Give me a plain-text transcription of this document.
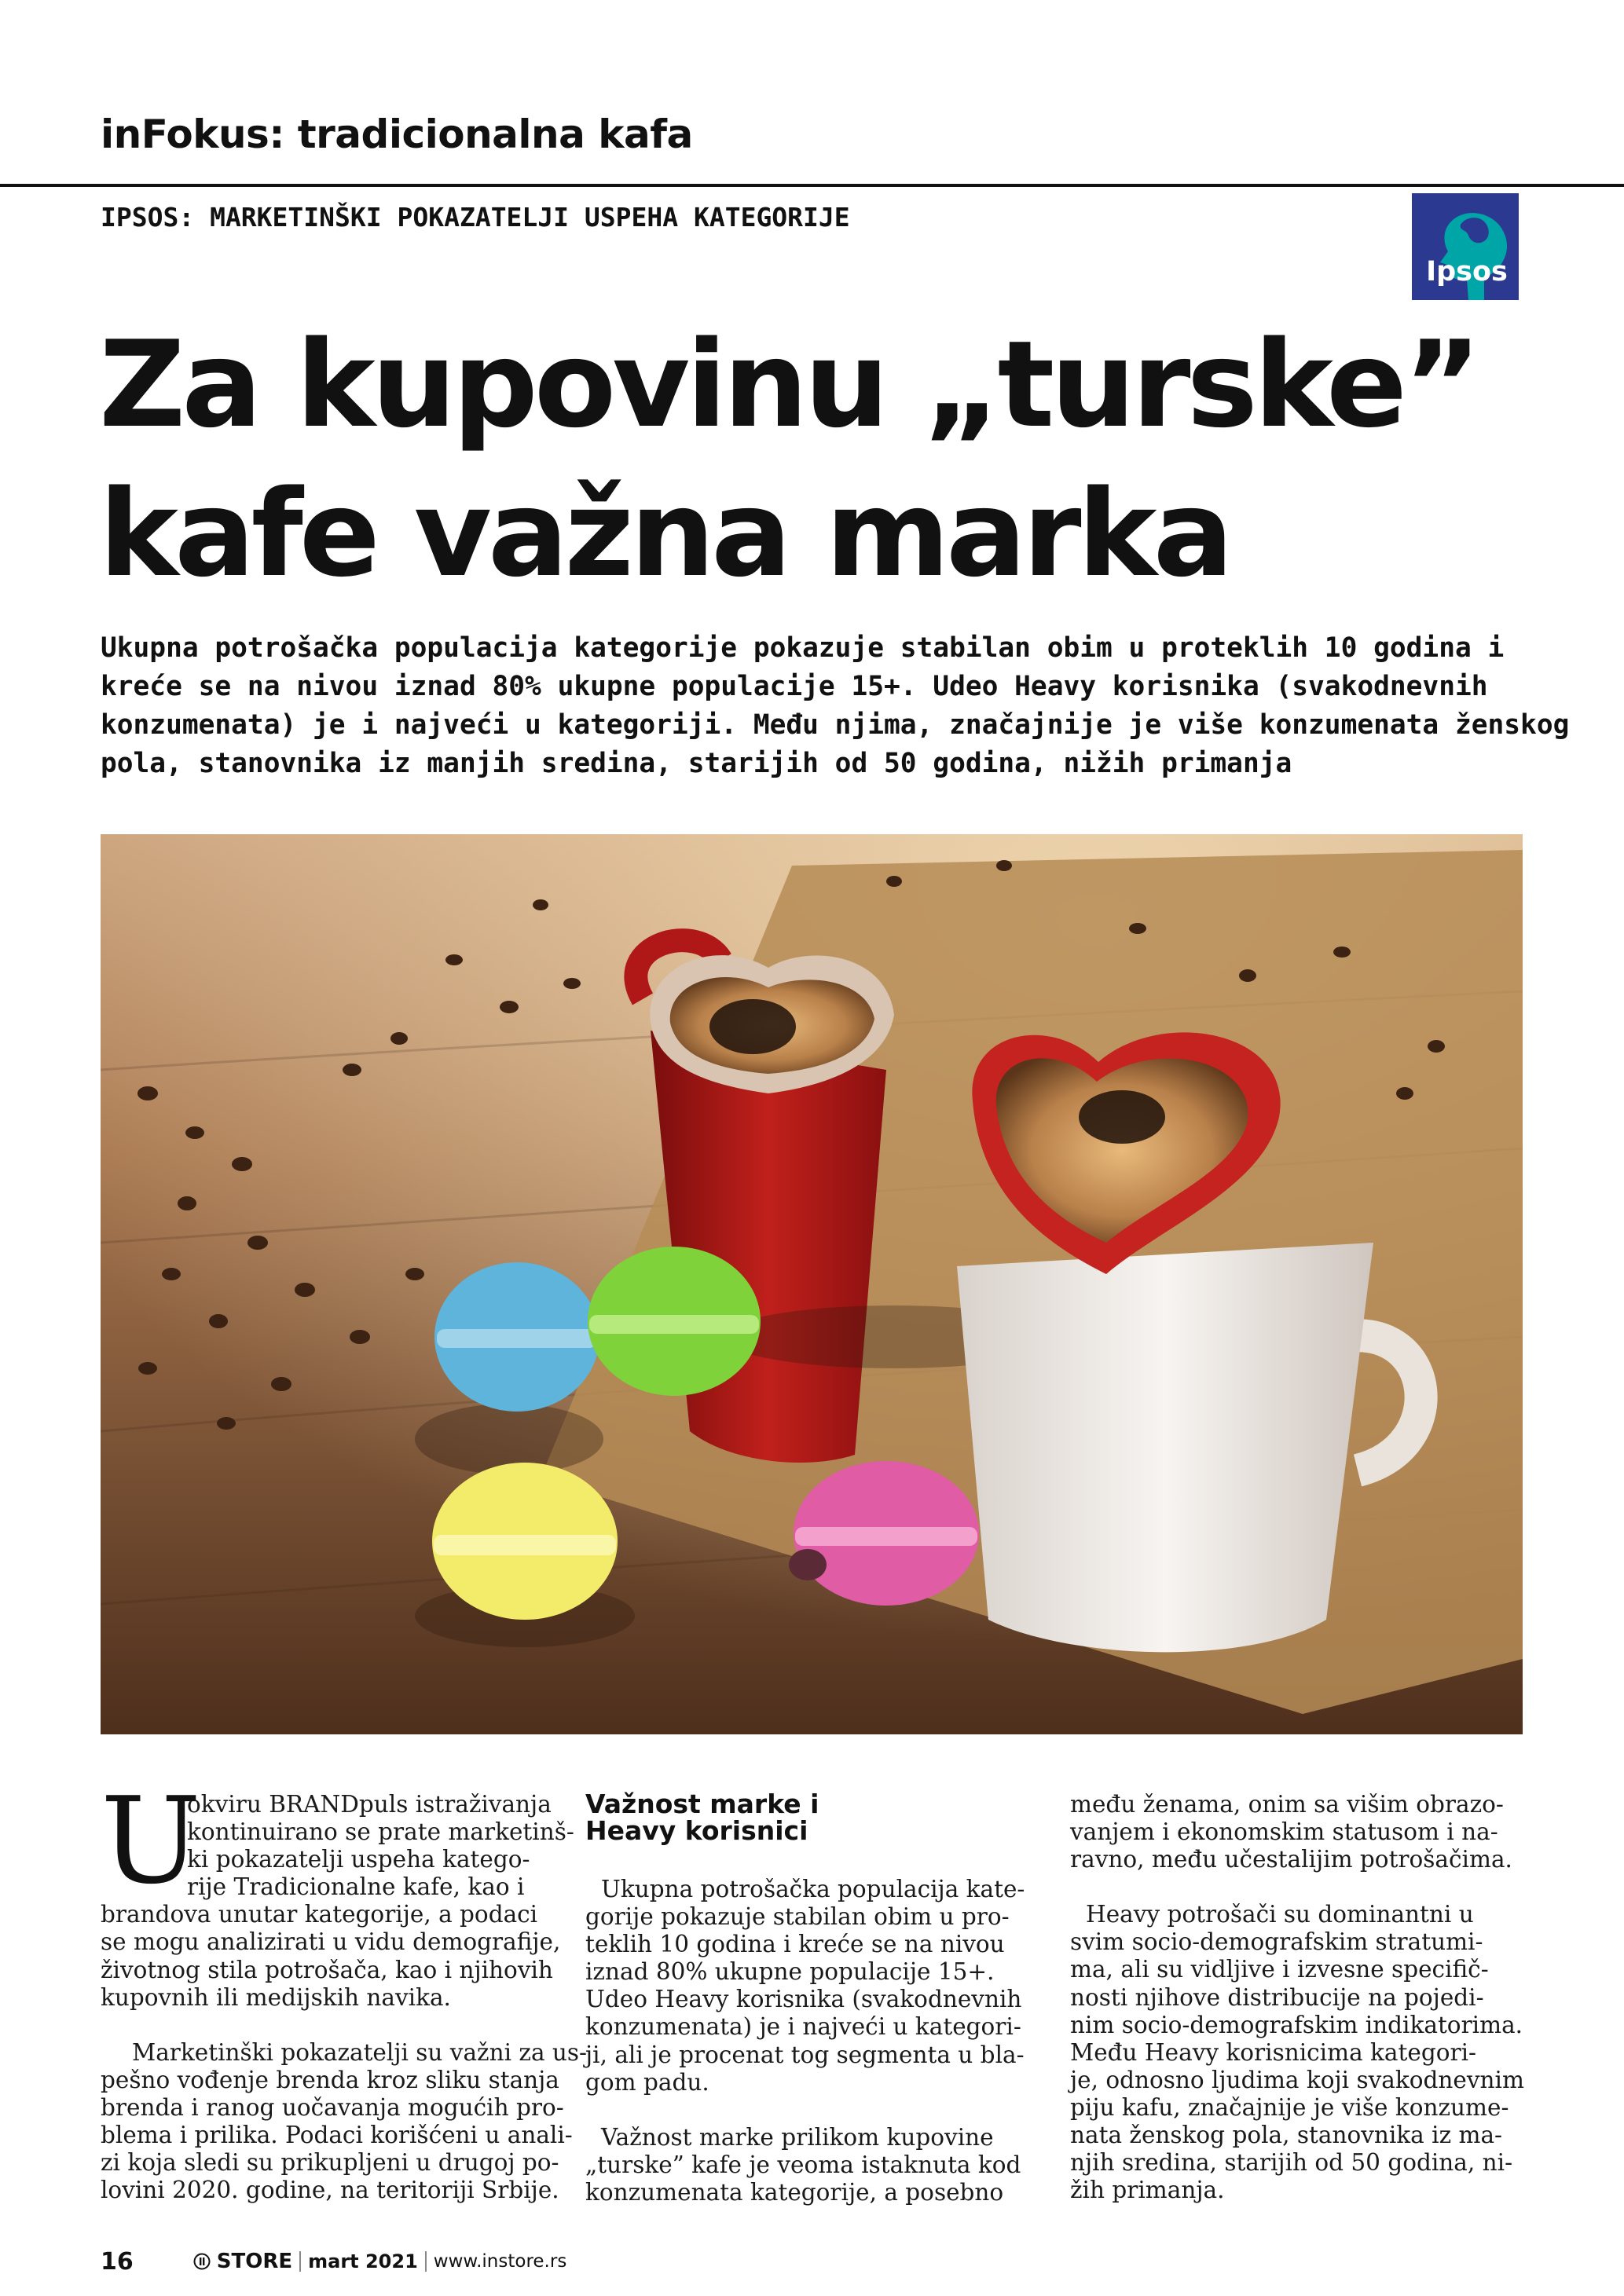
inFokus: tradicionalna kafa
IPSOS: MARKETINŠKI POKAZATELJI USPEHA KATEGORIJE
Ipsos
Za kupovinu „turske”
kafe važna marka
Ukupna potrošačka populacija kategorije pokazuje stabilan obim u proteklih 10 godina i
kreće se na nivou iznad 80% ukupne populacije 15+. Udeo Heavy korisnika (svakodnevnih
konzumenata) je i najveći u kategoriji. Među njima, značajnije je više konzumenata ženskog
pola, stanovnika iz manjih sredina, starijih od 50 godina, nižih primanja
U
okviru BRANDpuls istraživanja
kontinuirano se prate marketinš-
ki pokazatelji uspeha katego-
rije Tradicionalne kafe, kao i
brandova unutar kategorije, a podaci
se mogu analizirati u vidu demografije,
životnog stila potrošača, kao i njihovih
kupovnih ili medijskih navika.
Marketinški pokazatelji su važni za us-
pešno vođenje brenda kroz sliku stanja
brenda i ranog uočavanja mogućih pro-
blema i prilika. Podaci korišćeni u anali-
zi koja sledi su prikupljeni u drugoj po-
lovini 2020. godine, na teritoriji Srbije.
Važnost marke i
Heavy korisnici
Ukupna potrošačka populacija kate-
gorije pokazuje stabilan obim u pro-
teklih 10 godina i kreće se na nivou
iznad 80% ukupne populacije 15+.
Udeo Heavy korisnika (svakodnevnih
konzumenata) je i najveći u kategori-
ji, ali je procenat tog segmenta u bla-
gom padu.
Važnost marke prilikom kupovine
„turske” kafe je veoma istaknuta kod
konzumenata kategorije, a posebno
među ženama, onim sa višim obrazo-
vanjem i ekonomskim statusom i na-
ravno, među učestalijim potrošačima.
Heavy potrošači su dominantni u
svim socio-demografskim stratumi-
ma, ali su vidljive i izvesne specifič-
nosti njihove distribucije na pojedi-
nim socio-demografskim indikatorima.
Među Heavy korisnicima kategori-
je, odnosno ljudima koji svakodnevnim
piju kafu, značajnije je više konzume-
nata ženskog pola, stanovnika iz ma-
njih sredina, starijih od 50 godina, ni-
žih primanja.
16	STORE mart 2021 www.instore.rs
